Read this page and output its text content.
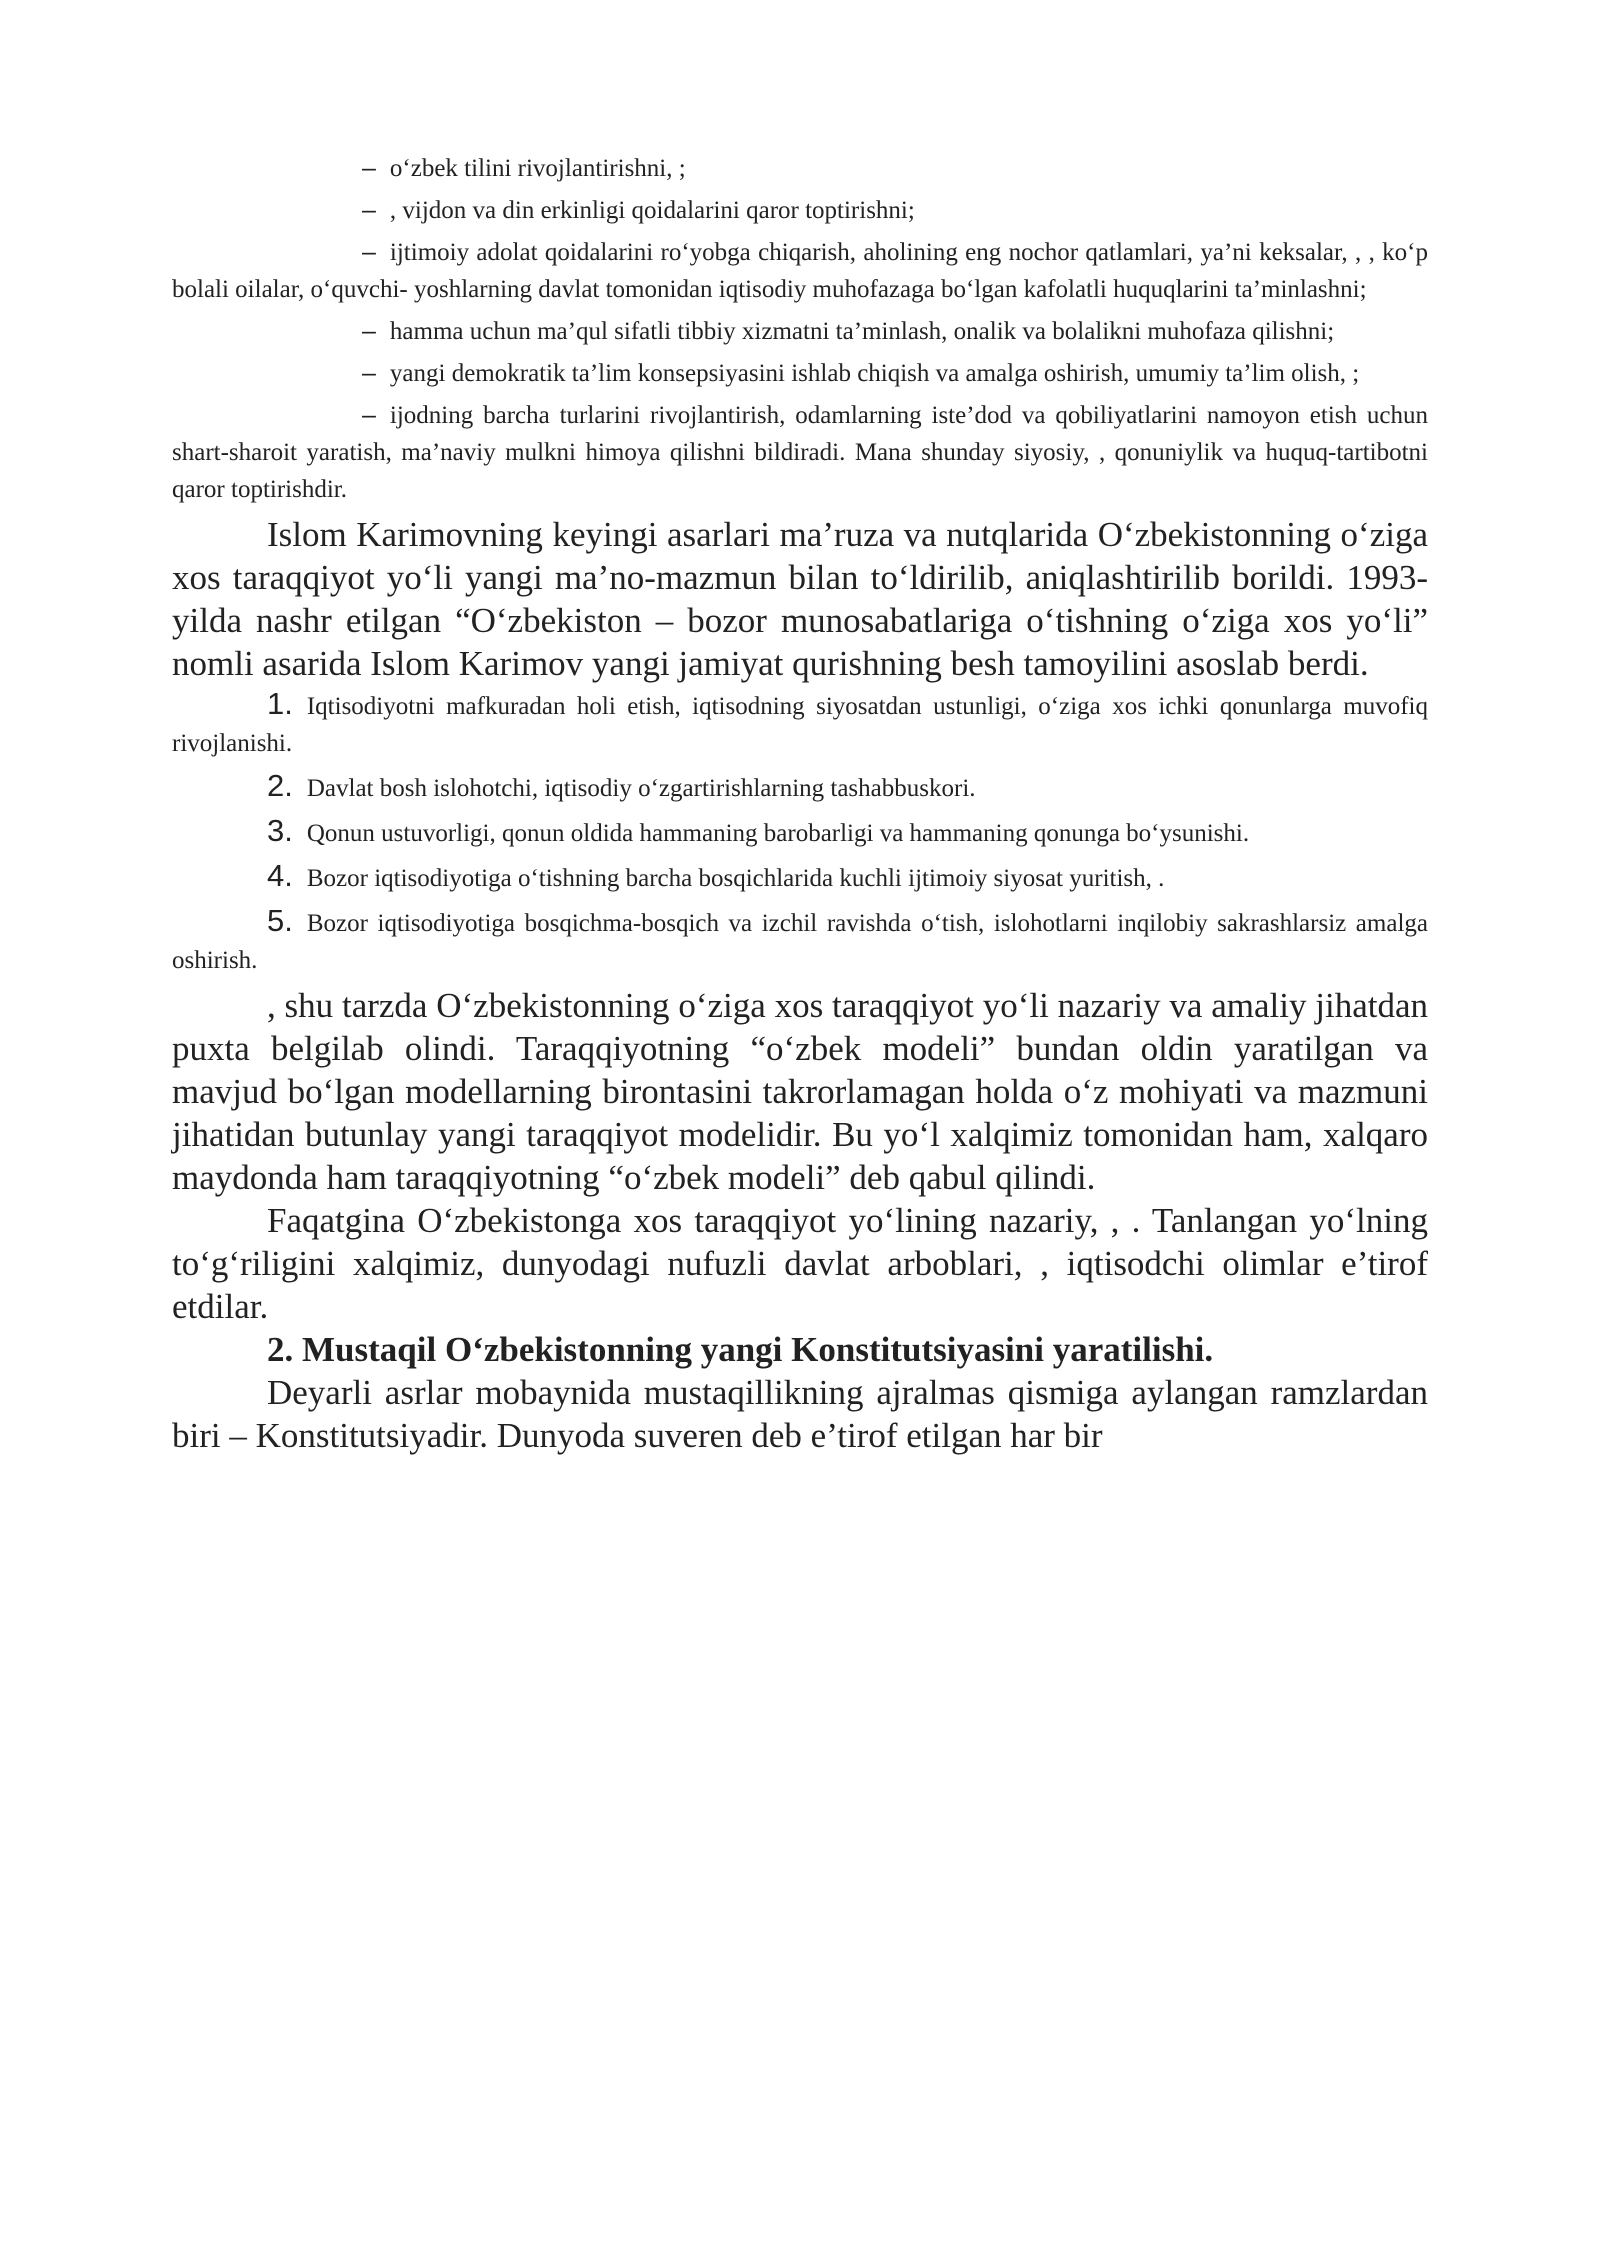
– o‘zbek tilini rivojlantirishni, ;

– , vijdon va din erkinligi qoidalarini qaror toptirishni;

– ijtimoiy adolat qoidalarini ro‘yobga chiqarish, aholining eng nochor qatlamlari, ya’ni keksalar, , , ko‘p bolali oilalar, o‘quvchi- yoshlarning davlat tomonidan iqtisodiy muhofazaga bo‘lgan kafolatli huquqlarini ta’minlashni;

– hamma uchun ma’qul sifatli tibbiy xizmatni ta’minlash, onalik va bolalikni muhofaza qilishni;

– yangi demokratik ta’lim konsepsiyasini ishlab chiqish va amalga oshirish, umumiy ta’lim olish, ;

– ijodning barcha turlarini rivojlantirish, odamlarning iste’dod va qobiliyatlarini namoyon etish uchun shart-sharoit yaratish, ma’naviy mulkni himoya qilishni bildiradi. Mana shunday siyosiy, , qonuniylik va huquq-tartibotni qaror toptirishdir.

Islom Karimovning keyingi asarlari ma’ruza va nutqlarida O‘zbekistonning o‘ziga xos taraqqiyot yo‘li yangi ma’no-mazmun bilan to‘ldirilib, aniqlashtirilib borildi. 1993-yilda nashr etilgan “O‘zbekiston – bozor munosabatlariga o‘tishning o‘ziga xos yo‘li” nomli asarida Islom Karimov yangi jamiyat qurishning besh tamoyilini asoslab berdi.

1. Iqtisodiyotni mafkuradan holi etish, iqtisodning siyosatdan ustunligi, o‘ziga xos ichki qonunlarga muvofiq rivojlanishi.

2. Davlat bosh islohotchi, iqtisodiy o‘zgartirishlarning tashabbuskori.

3. Qonun ustuvorligi, qonun oldida hammaning barobarligi va hammaning qonunga bo‘ysunishi.

4. Bozor iqtisodiyotiga o‘tishning barcha bosqichlarida kuchli ijtimoiy siyosat yuritish, .

5. Bozor iqtisodiyotiga bosqichma-bosqich va izchil ravishda o‘tish, islohotlarni inqilobiy sakrashlarsiz amalga oshirish.

, shu tarzda O‘zbekistonning o‘ziga xos taraqqiyot yo‘li nazariy va amaliy jihatdan puxta belgilab olindi. Taraqqiyotning “o‘zbek modeli” bundan oldin yaratilgan va mavjud bo‘lgan modellarning birontasini takrorlamagan holda o‘z mohiyati va mazmuni jihatidan butunlay yangi taraqqiyot modelidir. Bu yo‘l xalqimiz tomonidan ham, xalqaro maydonda ham taraqqiyotning “o‘zbek modeli” deb qabul qilindi.

Faqatgina O‘zbekistonga xos taraqqiyot yo‘lining nazariy, , . Tanlangan yo‘lning to‘g‘riligini xalqimiz, dunyodagi nufuzli davlat arboblari, , iqtisodchi olimlar e’tirof etdilar.

2. Mustaqil O‘zbekistonning yangi Konstitutsiyasini yaratilishi.

Deyarli asrlar mobaynida mustaqillikning ajralmas qismiga aylangan ramzlardan biri – Konstitutsiyadir. Dunyoda suveren deb e’tirof etilgan har bir
